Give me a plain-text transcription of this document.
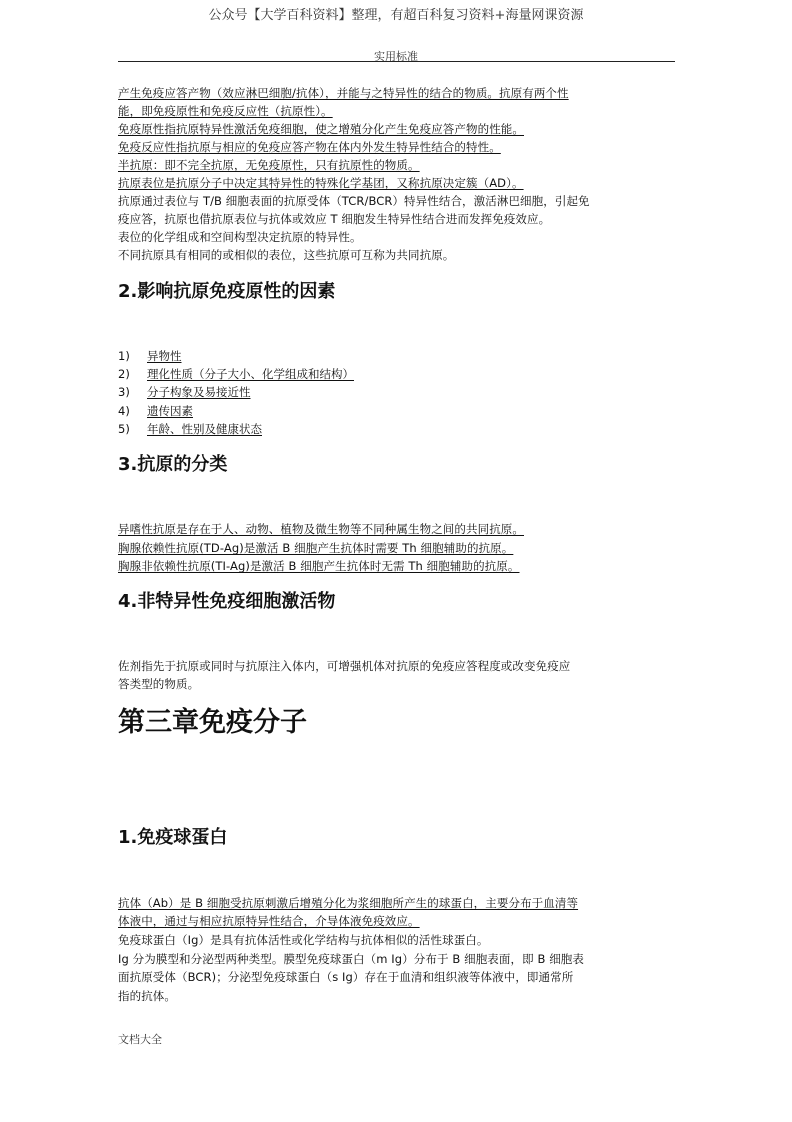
公众号【大学百科资料】整理，有超百科复习资料+海量网课资源
实用标准
产生免疫应答产物（效应淋巴细胞/抗体），并能与之特异性的结合的物质。抗原有两个性
能，即免疫原性和免疫反应性（抗原性）。
免疫原性指抗原特异性激活免疫细胞，使之增殖分化产生免疫应答产物的性能。
免疫反应性指抗原与相应的免疫应答产物在体内外发生特异性结合的特性。
半抗原：即不完全抗原，无免疫原性，只有抗原性的物质。
抗原表位是抗原分子中决定其特异性的特殊化学基团，又称抗原决定簇（AD）。
抗原通过表位与 T/B 细胞表面的抗原受体（TCR/BCR）特异性结合，激活淋巴细胞，引起免
疫应答，抗原也借抗原表位与抗体或效应 T 细胞发生特异性结合进而发挥免疫效应。
表位的化学组成和空间构型决定抗原的特异性。
不同抗原具有相同的或相似的表位，这些抗原可互称为共同抗原。
2.影响抗原免疫原性的因素
1)	异物性
2)	理化性质（分子大小、化学组成和结构）
3)	分子构象及易接近性
4)	遗传因素
5)	年龄、性别及健康状态
3.抗原的分类
异嗜性抗原是存在于人、动物、植物及微生物等不同种属生物之间的共同抗原。
胸腺依赖性抗原(TD-Ag)是激活 B 细胞产生抗体时需要 Th 细胞辅助的抗原。
胸腺非依赖性抗原(TI-Ag)是激活 B 细胞产生抗体时无需 Th 细胞辅助的抗原。
4.非特异性免疫细胞激活物
佐剂指先于抗原或同时与抗原注入体内，可增强机体对抗原的免疫应答程度或改变免疫应
答类型的物质。
第三章免疫分子
1.免疫球蛋白
抗体（Ab）是 B 细胞受抗原刺激后增殖分化为浆细胞所产生的球蛋白，主要分布于血清等
体液中，通过与相应抗原特异性结合，介导体液免疫效应。
免疫球蛋白（Ig）是具有抗体活性或化学结构与抗体相似的活性球蛋白。
Ig 分为膜型和分泌型两种类型。膜型免疫球蛋白（m Ig）分布于 B 细胞表面，即 B 细胞表
面抗原受体（BCR)；分泌型免疫球蛋白（s Ig）存在于血清和组织液等体液中，即通常所
指的抗体。
文档大全
